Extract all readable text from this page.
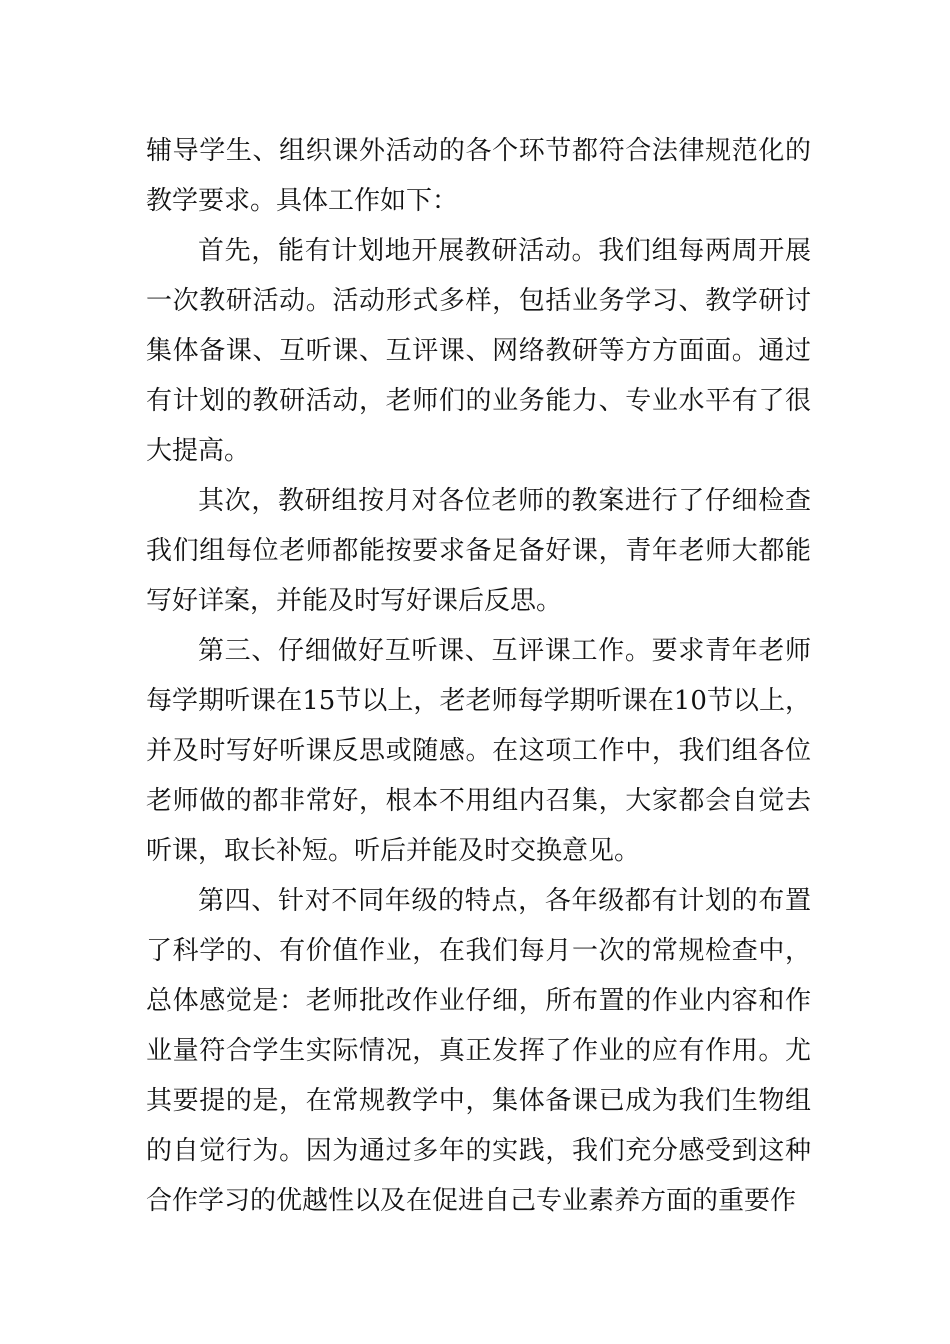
辅导学生、组织课外活动的各个环节都符合法律规范化的教学要求。具体工作如下：

首先，能有计划地开展教研活动。我们组每两周开展一次教研活动。活动形式多样，包括业务学习、教学研讨集体备课、互听课、互评课、网络教研等方方面面。通过有计划的教研活动，老师们的业务能力、专业水平有了很大提高。

其次，教研组按月对各位老师的教案进行了仔细检查我们组每位老师都能按要求备足备好课，青年老师大都能写好详案，并能及时写好课后反思。

第三、仔细做好互听课、互评课工作。要求青年老师每学期听课在15节以上，老老师每学期听课在10节以上，并及时写好听课反思或随感。在这项工作中，我们组各位老师做的都非常好，根本不用组内召集，大家都会自觉去听课，取长补短。听后并能及时交换意见。

第四、针对不同年级的特点，各年级都有计划的布置了科学的、有价值作业，在我们每月一次的常规检查中，总体感觉是：老师批改作业仔细，所布置的作业内容和作业量符合学生实际情况，真正发挥了作业的应有作用。尤其要提的是，在常规教学中，集体备课已成为我们生物组的自觉行为。因为通过多年的实践，我们充分感受到这种合作学习的优越性以及在促进自己专业素养方面的重要作
